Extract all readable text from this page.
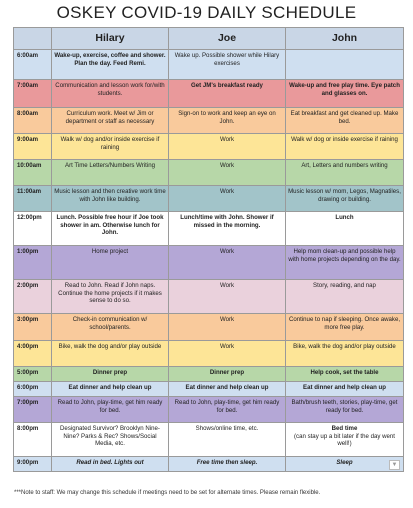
OSKEY COVID-19 DAILY SCHEDULE
	Hilary	Joe	John
6:00am	Wake-up, exercise, coffee and shower. Plan the day. Feed Remi.	Wake up. Possible shower while Hilary exercises	
7:00am	Communication and lesson work for/with students.	Get JM's breakfast ready	Wake-up and free play time. Eye patch and glasses on.
8:00am	Curriculum work. Meet w/ Jim or department or staff as necessary	Sign-on to work and keep an eye on John.	Eat breakfast and get cleaned up. Make bed.
9:00am	Walk w/ dog and/or inside exercise if raining	Work	Walk w/ dog or inside exercise if raining
10:00am	Art Time Letters/Numbers Writing	Work	Art, Letters and numbers writing
11:00am	Music lesson and then creative work time with John like building.	Work	Music lesson w/ mom, Legos, Magnatiles, drawing or building.
12:00pm	Lunch. Possible free hour if Joe took shower in am. Otherwise lunch for John.	Lunch/time with John. Shower if missed in the morning.	Lunch
1:00pm	Home project	Work	Help mom clean-up and possible help with home projects depending on the day.
2:00pm	Read to John. Read if John naps. Continue the home projects if it makes sense to do so.	Work	Story, reading, and nap
3:00pm	Check-in communication w/ school/parents.	Work	Continue to nap if sleeping. Once awake, more free play.
4:00pm	Bike, walk the dog and/or play outside	Work	Bike, walk the dog and/or play outside
5:00pm	Dinner prep	Dinner prep	Help cook, set the table
6:00pm	Eat dinner and help clean up	Eat dinner and help clean up	Eat dinner and help clean up
7:00pm	Read to John, play-time, get him ready for bed.	Read to John, play-time, get him ready for bed.	Bath/brush teeth, stories, play-time, get ready for bed.
8:00pm	Designated Survivor? Brooklyn Nine-Nine? Parks & Rec? Shows/Social Media, etc.	Shows/online time, etc.	Bed time
(can stay up a bit later if the day went well!)

9:00pm	Read in bed. Lights out	Free time then sleep.	Sleep ▼
***Note to staff: We may change this schedule if meetings need to be set for alternate times. Please remain flexible.
